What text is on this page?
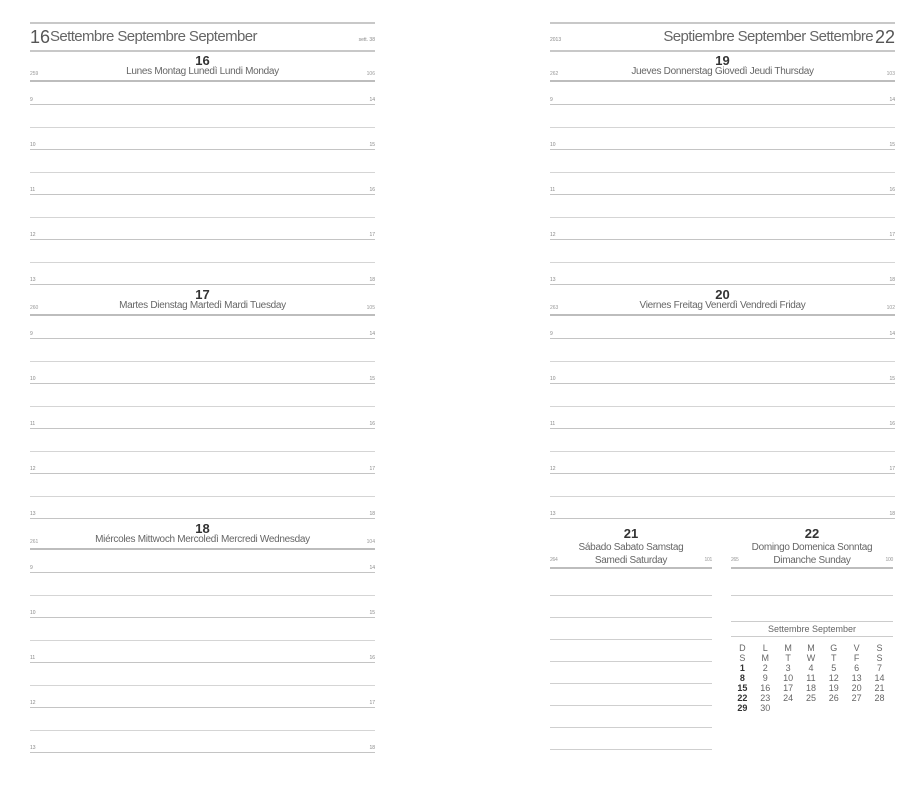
16 Settembre Septembre September	sett. 38
16
Lunes Montag Lunedì Lundi Monday
259	106
9	14
10	15
11	16
12	17
13	18
17
Martes Dienstag Martedì Mardi Tuesday
260	105
9	14
10	15
11	16
12	17
13	18
18
Miércoles Mittwoch Mercoledì Mercredi Wednesday
261	104
9	14
10	15
11	16
12	17
13	18
2013	Septiembre September Settembre 22
19
Jueves Donnerstag Giovedì Jeudi Thursday
262	103
9	14
10	15
11	16
12	17
13	18
20
Viernes Freitag Venerdì Vendredi Friday
263	102
9	14
10	15
11	16
12	17
13	18
21
Sábado Sabato Samstag
264	Samedi Saturday	101
22
Domingo Domenica Sonntag
265	Dimanche Sunday	100
Settembre September
D	L	M	M	G	V	S
S	M	T	W	T	F	S
1	2	3	4	5	6	7
8	9	10	11	12	13	14
15	16	17	18	19	20	21
22	23	24	25	26	27	28
29	30					
